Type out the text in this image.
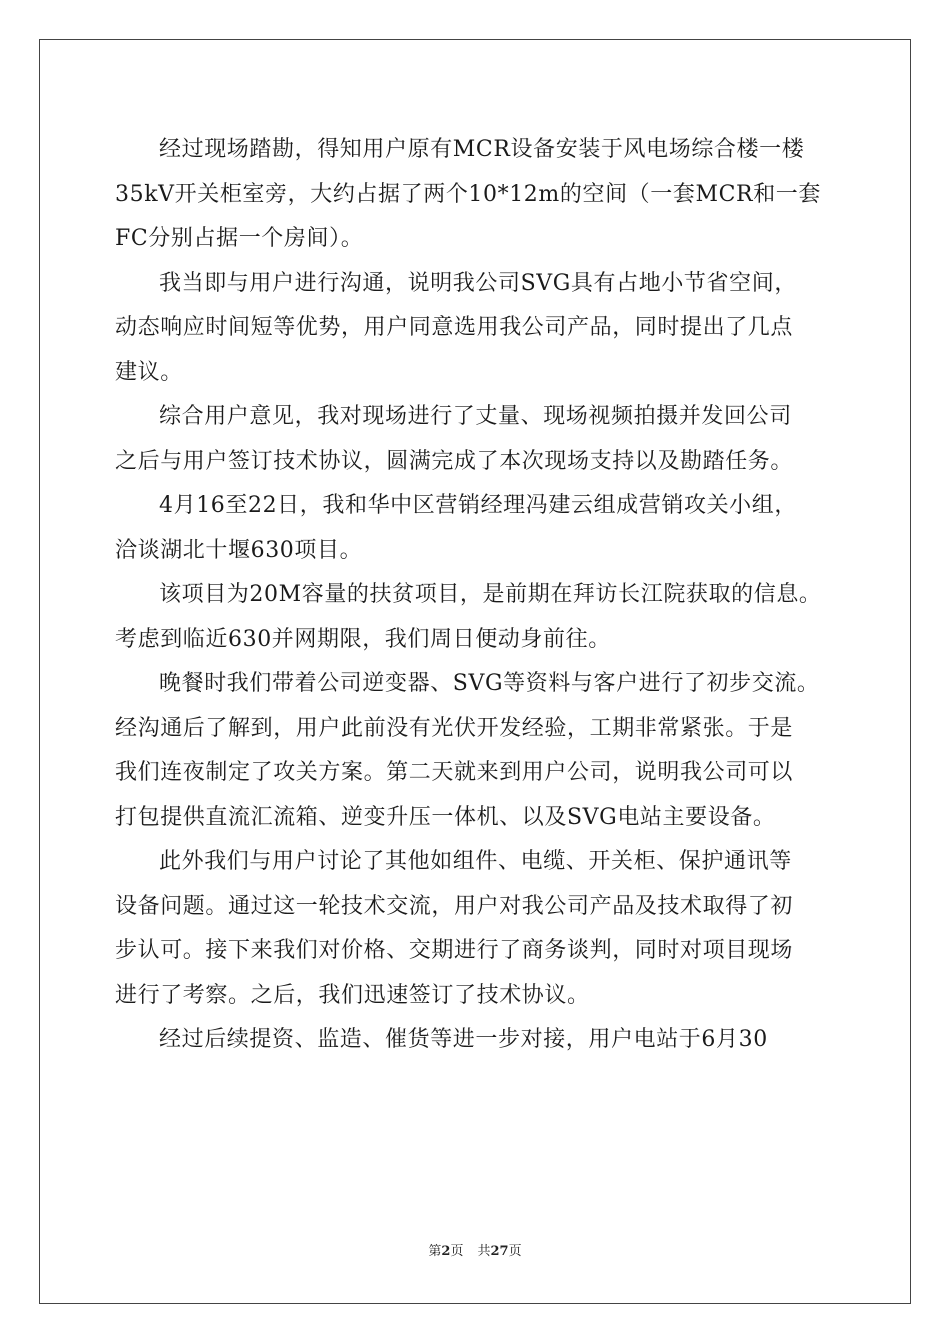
经过现场踏勘，得知用户原有MCR设备安装于风电场综合楼一楼
35kV开关柜室旁，大约占据了两个10*12m的空间（一套MCR和一套
FC分别占据一个房间）。

我当即与用户进行沟通，说明我公司SVG具有占地小节省空间，
动态响应时间短等优势，用户同意选用我公司产品，同时提出了几点
建议。

综合用户意见，我对现场进行了丈量、现场视频拍摄并发回公司
之后与用户签订技术协议，圆满完成了本次现场支持以及勘踏任务。

4月16至22日，我和华中区营销经理冯建云组成营销攻关小组，
洽谈湖北十堰630项目。

该项目为20M容量的扶贫项目，是前期在拜访长江院获取的信息。
考虑到临近630并网期限，我们周日便动身前往。

晚餐时我们带着公司逆变器、SVG等资料与客户进行了初步交流。
经沟通后了解到，用户此前没有光伏开发经验，工期非常紧张。于是
我们连夜制定了攻关方案。第二天就来到用户公司，说明我公司可以
打包提供直流汇流箱、逆变升压一体机、以及SVG电站主要设备。

此外我们与用户讨论了其他如组件、电缆、开关柜、保护通讯等
设备问题。通过这一轮技术交流，用户对我公司产品及技术取得了初
步认可。接下来我们对价格、交期进行了商务谈判，同时对项目现场
进行了考察。之后，我们迅速签订了技术协议。

经过后续提资、监造、催货等进一步对接，用户电站于6月30

第2页 共27页
